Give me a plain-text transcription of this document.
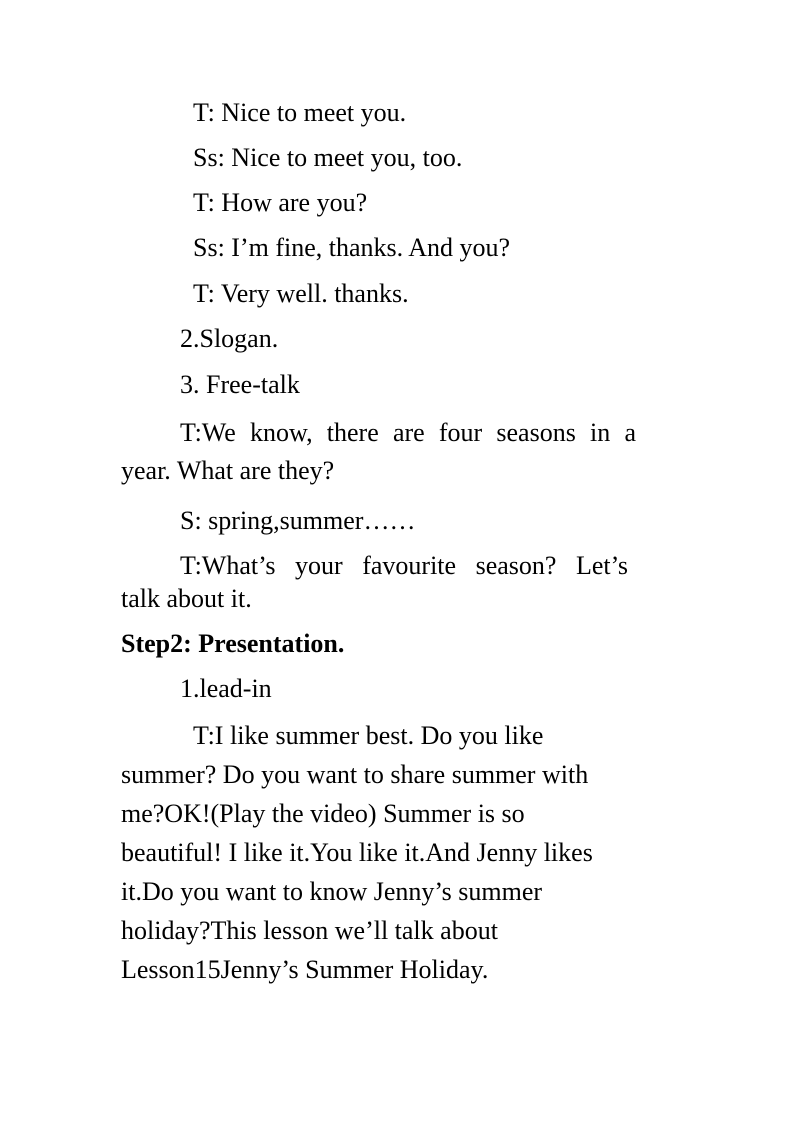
T: Nice to meet you.
Ss: Nice to meet you, too.
T: How are you?
Ss: I’m fine, thanks. And you?
T: Very well. thanks.
2.Slogan.
3. Free-talk
T:We know, there are four seasons in a
year. What are they?
S: spring,summer……
T:What’s your favourite season? Let’s
talk about it.
Step2: Presentation.
1.lead-in
T:I like summer best. Do you like
summer? Do you want to share summer with
me?OK!(Play the video) Summer is so
beautiful! I like it.You like it.And Jenny likes
it.Do you want to know Jenny’s summer
holiday?This lesson we’ll talk about
Lesson15Jenny’s Summer Holiday.
